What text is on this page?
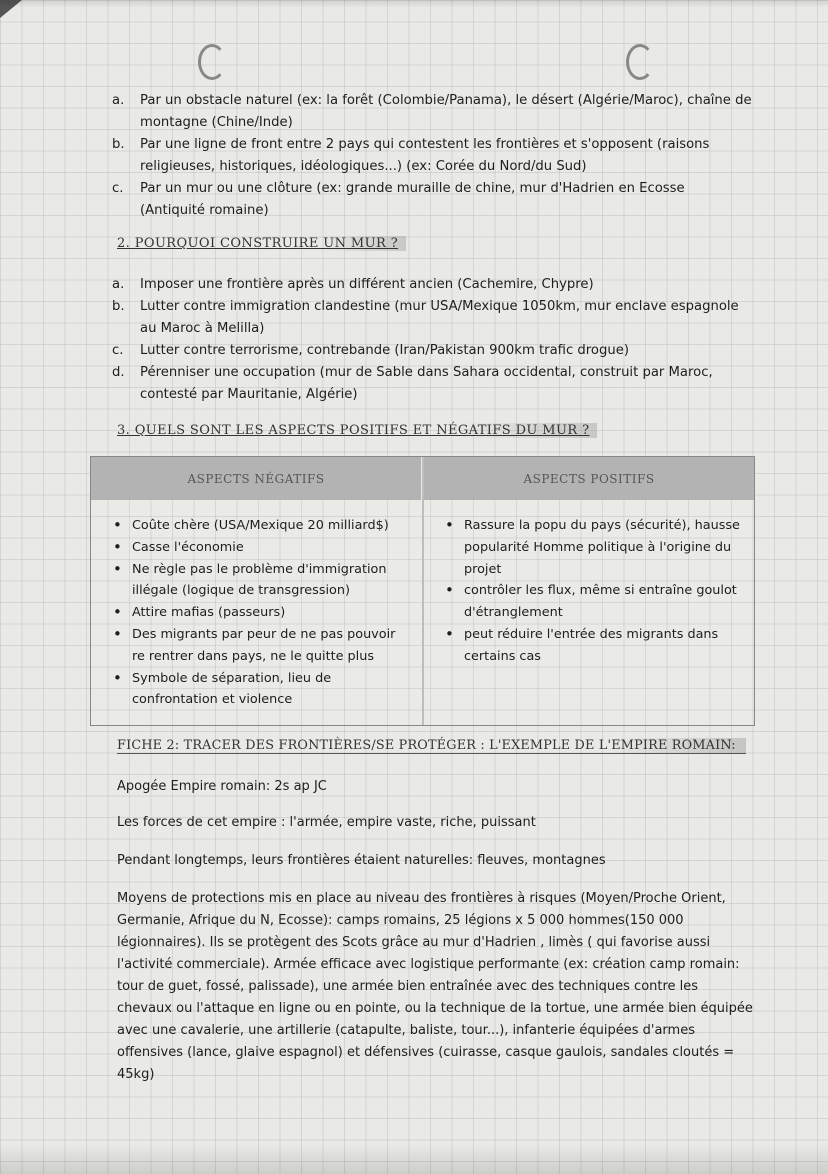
a. Par un obstacle naturel (ex: la forêt (Colombie/Panama), le désert (Algérie/Maroc), chaîne de montagne (Chine/Inde)
b. Par une ligne de front entre 2 pays qui contestent les frontières et s'opposent (raisons religieuses, historiques, idéologiques...) (ex: Corée du Nord/du Sud)
c. Par un mur ou une clôture (ex: grande muraille de chine, mur d'Hadrien en Ecosse (Antiquité romaine)
2. POURQUOI CONSTRUIRE UN MUR ?
a. Imposer une frontière après un différent ancien (Cachemire, Chypre)
b. Lutter contre immigration clandestine (mur USA/Mexique 1050km, mur enclave espagnole au Maroc à Melilla)
c. Lutter contre terrorisme, contrebande (Iran/Pakistan 900km trafic drogue)
d. Pérenniser une occupation (mur de Sable dans Sahara occidental, construit par Maroc, contesté par Mauritanie, Algérie)
3. QUELS SONT LES ASPECTS POSITIFS ET NÉGATIFS DU MUR ?
ASPECTS NÉGATIFS	ASPECTS POSITIFS
• Coûte chère (USA/Mexique 20 milliard$)
• Casse l'économie
• Ne règle pas le problème d'immigration illégale (logique de transgression)
• Attire mafias (passeurs)
• Des migrants par peur de ne pas pouvoir re rentrer dans pays, ne le quitte plus
• Symbole de séparation, lieu de confrontation et violence
• Rassure la popu du pays (sécurité), hausse popularité Homme politique à l'origine du projet
• contrôler les flux, même si entraîne goulot d'étranglement
• peut réduire l'entrée des migrants dans certains cas
FICHE 2: TRACER DES FRONTIÈRES/SE PROTÉGER : L'EXEMPLE DE L'EMPIRE ROMAIN:

Apogée Empire romain: 2s ap JC

Les forces de cet empire : l'armée, empire vaste, riche, puissant

Pendant longtemps, leurs frontières étaient naturelles: fleuves, montagnes

Moyens de protections mis en place au niveau des frontières à risques (Moyen/Proche Orient, Germanie, Afrique du N, Ecosse): camps romains, 25 légions x 5 000 hommes(150 000 légionnaires). Ils se protègent des Scots grâce au mur d'Hadrien , limès ( qui favorise aussi l'activité commerciale). Armée efficace avec logistique performante (ex: création camp romain: tour de guet, fossé, palissade), une armée bien entraînée avec des techniques contre les chevaux ou l'attaque en ligne ou en pointe, ou la technique de la tortue, une armée bien équipée avec une cavalerie, une artillerie (catapulte, baliste, tour...), infanterie équipées d'armes offensives (lance, glaive espagnol) et défensives (cuirasse, casque gaulois, sandales cloutés = 45kg)
